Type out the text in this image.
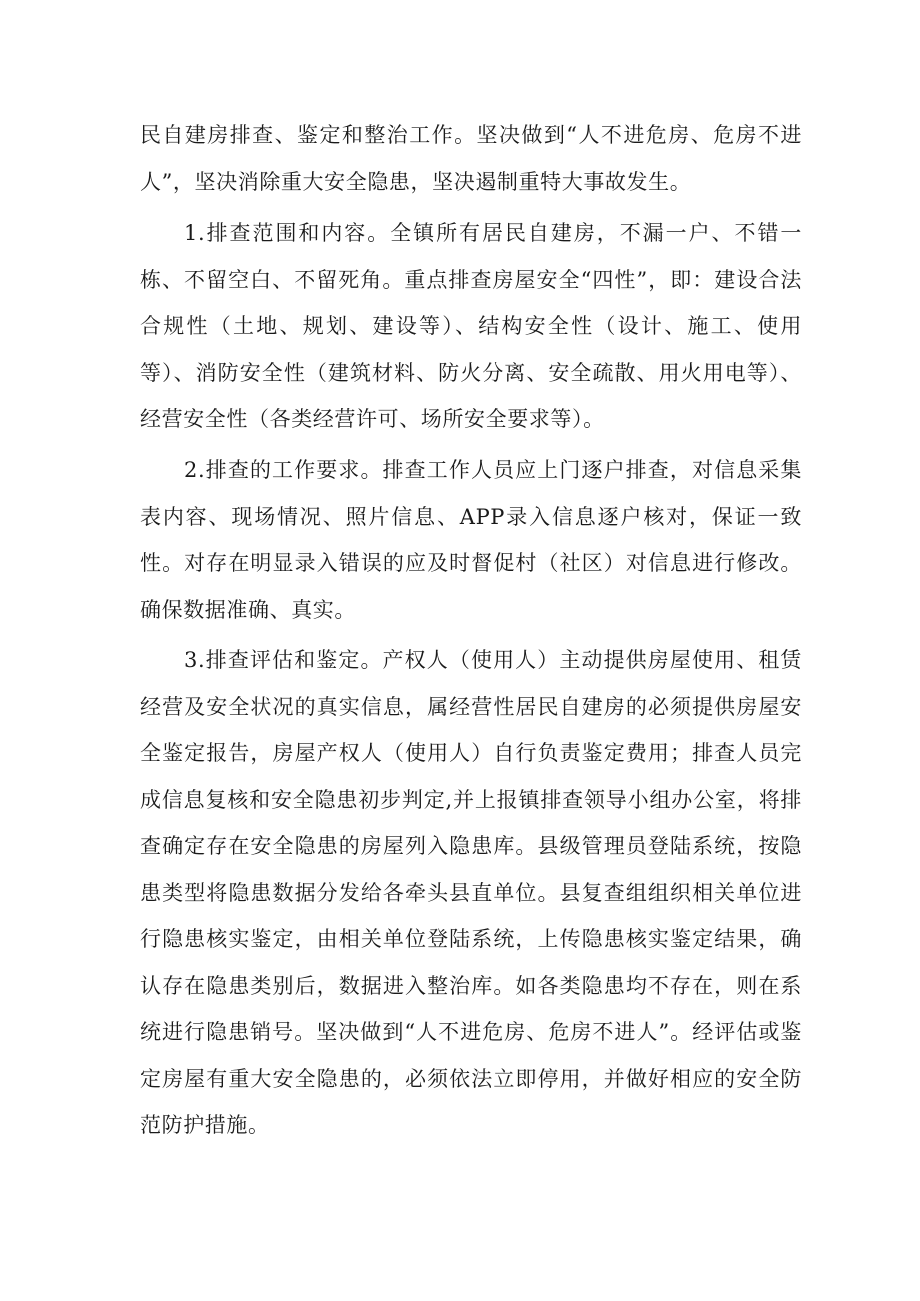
民自建房排查、鉴定和整治工作。坚决做到“人不进危房、危房不进人”，坚决消除重大安全隐患，坚决遏制重特大事故发生。

1.排查范围和内容。全镇所有居民自建房，不漏一户、不错一栋、不留空白、不留死角。重点排查房屋安全“四性”，即：建设合法合规性（土地、规划、建设等）、结构安全性（设计、施工、使用等）、消防安全性（建筑材料、防火分离、安全疏散、用火用电等）、经营安全性（各类经营许可、场所安全要求等）。

2.排查的工作要求。排查工作人员应上门逐户排查，对信息采集表内容、现场情况、照片信息、APP录入信息逐户核对，保证一致性。对存在明显录入错误的应及时督促村（社区）对信息进行修改。确保数据准确、真实。

3.排查评估和鉴定。产权人（使用人）主动提供房屋使用、租赁经营及安全状况的真实信息，属经营性居民自建房的必须提供房屋安全鉴定报告，房屋产权人（使用人）自行负责鉴定费用；排查人员完成信息复核和安全隐患初步判定,并上报镇排查领导小组办公室，将排查确定存在安全隐患的房屋列入隐患库。县级管理员登陆系统，按隐患类型将隐患数据分发给各牵头县直单位。县复查组组织相关单位进行隐患核实鉴定，由相关单位登陆系统，上传隐患核实鉴定结果，确认存在隐患类别后，数据进入整治库。如各类隐患均不存在，则在系统进行隐患销号。坚决做到“人不进危房、危房不进人”。经评估或鉴定房屋有重大安全隐患的，必须依法立即停用，并做好相应的安全防范防护措施。
